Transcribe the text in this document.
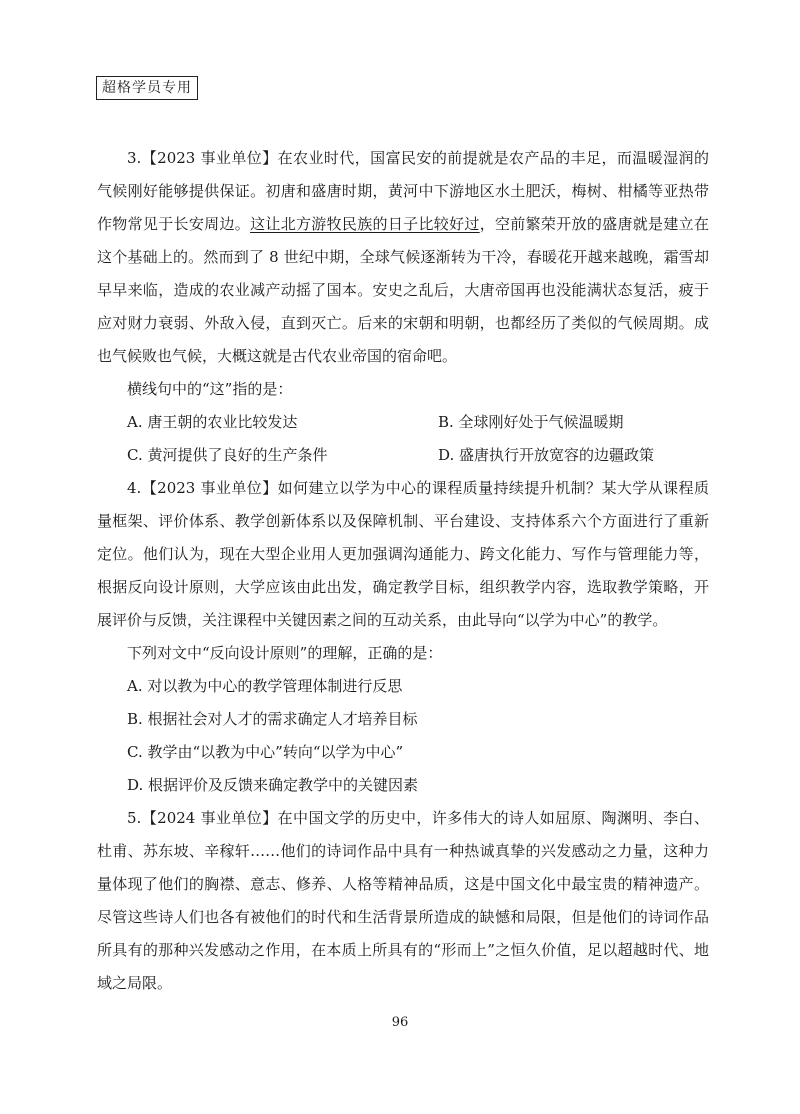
超格学员专用

3.【2023 事业单位】在农业时代，国富民安的前提就是农产品的丰足，而温暖湿润的气候刚好能够提供保证。初唐和盛唐时期，黄河中下游地区水土肥沃，梅树、柑橘等亚热带作物常见于长安周边。这让北方游牧民族的日子比较好过，空前繁荣开放的盛唐就是建立在这个基础上的。然而到了 8 世纪中期，全球气候逐渐转为干冷，春暖花开越来越晚，霜雪却早早来临，造成的农业减产动摇了国本。安史之乱后，大唐帝国再也没能满状态复活，疲于应对财力衰弱、外敌入侵，直到灭亡。后来的宋朝和明朝，也都经历了类似的气候周期。成也气候败也气候，大概这就是古代农业帝国的宿命吧。

横线句中的“这”指的是：

A. 唐王朝的农业比较发达	B. 全球刚好处于气候温暖期
C. 黄河提供了良好的生产条件	D. 盛唐执行开放宽容的边疆政策

4.【2023 事业单位】如何建立以学为中心的课程质量持续提升机制？某大学从课程质量框架、评价体系、教学创新体系以及保障机制、平台建设、支持体系六个方面进行了重新定位。他们认为，现在大型企业用人更加强调沟通能力、跨文化能力、写作与管理能力等，根据反向设计原则，大学应该由此出发，确定教学目标，组织教学内容，选取教学策略，开展评价与反馈，关注课程中关键因素之间的互动关系，由此导向“以学为中心”的教学。

下列对文中“反向设计原则”的理解，正确的是：

A. 对以教为中心的教学管理体制进行反思

B. 根据社会对人才的需求确定人才培养目标

C. 教学由“以教为中心”转向“以学为中心”

D. 根据评价及反馈来确定教学中的关键因素

5.【2024 事业单位】在中国文学的历史中，许多伟大的诗人如屈原、陶渊明、李白、杜甫、苏东坡、辛稼轩……他们的诗词作品中具有一种热诚真挚的兴发感动之力量，这种力量体现了他们的胸襟、意志、修养、人格等精神品质，这是中国文化中最宝贵的精神遗产。尽管这些诗人们也各有被他们的时代和生活背景所造成的缺憾和局限，但是他们的诗词作品所具有的那种兴发感动之作用，在本质上所具有的“形而上”之恒久价值，足以超越时代、地域之局限。

96
